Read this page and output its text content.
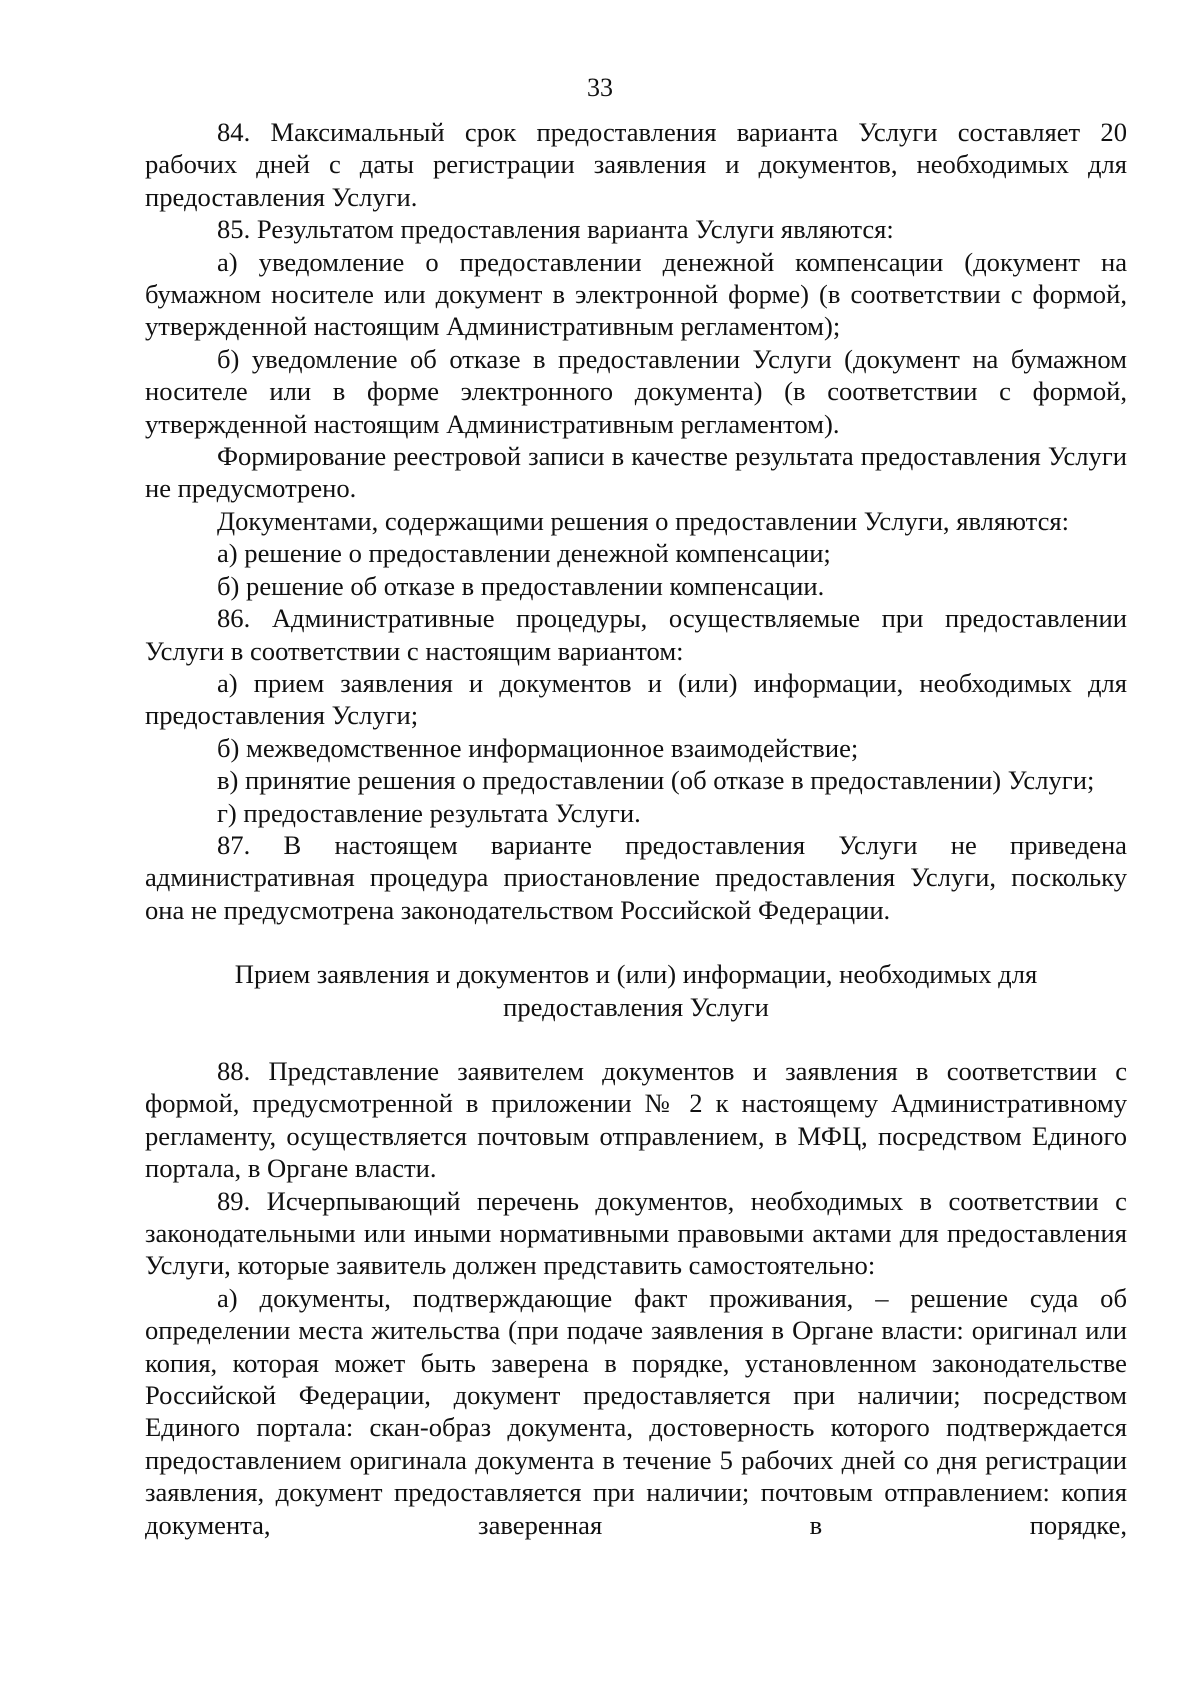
33

84. Максимальный срок предоставления варианта Услуги составляет 20 рабочих дней с даты регистрации заявления и документов, необходимых для предоставления Услуги.

85. Результатом предоставления варианта Услуги являются:

а) уведомление о предоставлении денежной компенсации (документ на бумажном носителе или документ в электронной форме) (в соответствии с формой, утвержденной настоящим Административным регламентом);

б) уведомление об отказе в предоставлении Услуги (документ на бумажном носителе или в форме электронного документа) (в соответствии с формой, утвержденной настоящим Административным регламентом).

Формирование реестровой записи в качестве результата предоставления Услуги не предусмотрено.

Документами, содержащими решения о предоставлении Услуги, являются:

а) решение о предоставлении денежной компенсации;

б) решение об отказе в предоставлении компенсации.

86. Административные процедуры, осуществляемые при предоставлении Услуги в соответствии с настоящим вариантом:

а) прием заявления и документов и (или) информации, необходимых для предоставления Услуги;

б) межведомственное информационное взаимодействие;

в) принятие решения о предоставлении (об отказе в предоставлении) Услуги;

г) предоставление результата Услуги.

87. В настоящем варианте предоставления Услуги не приведена административная процедура приостановление предоставления Услуги, поскольку она не предусмотрена законодательством Российской Федерации.

Прием заявления и документов и (или) информации, необходимых для предоставления Услуги

88. Представление заявителем документов и заявления в соответствии с формой, предусмотренной в приложении № 2 к настоящему Административному регламенту, осуществляется почтовым отправлением, в МФЦ, посредством Единого портала, в Органе власти.

89. Исчерпывающий перечень документов, необходимых в соответствии с законодательными или иными нормативными правовыми актами для предоставления Услуги, которые заявитель должен представить самостоятельно:

а) документы, подтверждающие факт проживания, – решение суда об определении места жительства (при подаче заявления в Органе власти: оригинал или копия, которая может быть заверена в порядке, установленном законодательстве Российской Федерации, документ предоставляется при наличии; посредством Единого портала: скан-образ документа, достоверность которого подтверждается предоставлением оригинала документа в течение 5 рабочих дней со дня регистрации заявления, документ предоставляется при наличии; почтовым отправлением: копия документа, заверенная в порядке,
